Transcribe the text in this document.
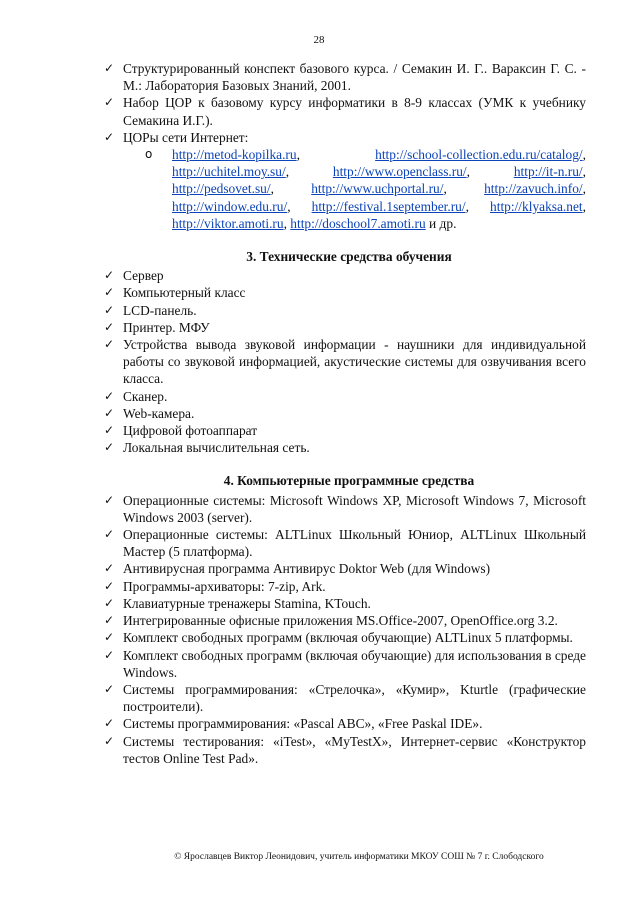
28
✓ Структурированный конспект базового курса. / Семакин И. Г.. Вараксин Г. С. - М.: Лаборатория Базовых Знаний, 2001.
✓ Набор ЦОР к базовому курсу информатики в 8-9 классах (УМК к учебнику Семакина И.Г.).
✓ ЦОРы сети Интернет:
o http://metod-kopilka.ru, http://school-collection.edu.ru/catalog/, http://uchitel.moy.su/, http://www.openclass.ru/, http://it-n.ru/, http://pedsovet.su/, http://www.uchportal.ru/, http://zavuch.info/, http://window.edu.ru/, http://festival.1september.ru/, http://klyaksa.net, http://viktor.amoti.ru, http://doschool7.amoti.ru и др.
3. Технические средства обучения
✓ Сервер
✓ Компьютерный класс
✓ LCD-панель.
✓ Принтер. МФУ
✓ Устройства вывода звуковой информации - наушники для индивидуальной работы со звуковой информацией, акустические системы для озвучивания всего класса.
✓ Сканер.
✓ Web-камера.
✓ Цифровой фотоаппарат
✓ Локальная вычислительная сеть.
4. Компьютерные программные средства
✓ Операционные системы: Microsoft Windows XP, Microsoft Windows 7, Microsoft Windows 2003 (server).
✓ Операционные системы: ALTLinux Школьный Юниор, ALTLinux Школьный Мастер (5 платформа).
✓ Антивирусная программа Антивирус Doktor Web (для Windows)
✓ Программы-архиваторы: 7-zip, Ark.
✓ Клавиатурные тренажеры Stamina, KTouch.
✓ Интегрированные офисные приложения MS.Office-2007, OpenOffice.org 3.2.
✓ Комплект свободных программ (включая обучающие) ALTLinux 5 платформы.
✓ Комплект свободных программ (включая обучающие) для использования в среде Windows.
✓ Системы программирования: «Стрелочка», «Кумир», Kturtle (графические построители).
✓ Системы программирования: «Pascal ABC», «Free Paskal IDE».
✓ Системы тестирования: «iTest», «MyTestX», Интернет-сервис «Конструктор тестов Online Test Pad».
© Ярославцев Виктор Леонидович, учитель информатики МКОУ СОШ № 7 г. Слободского
